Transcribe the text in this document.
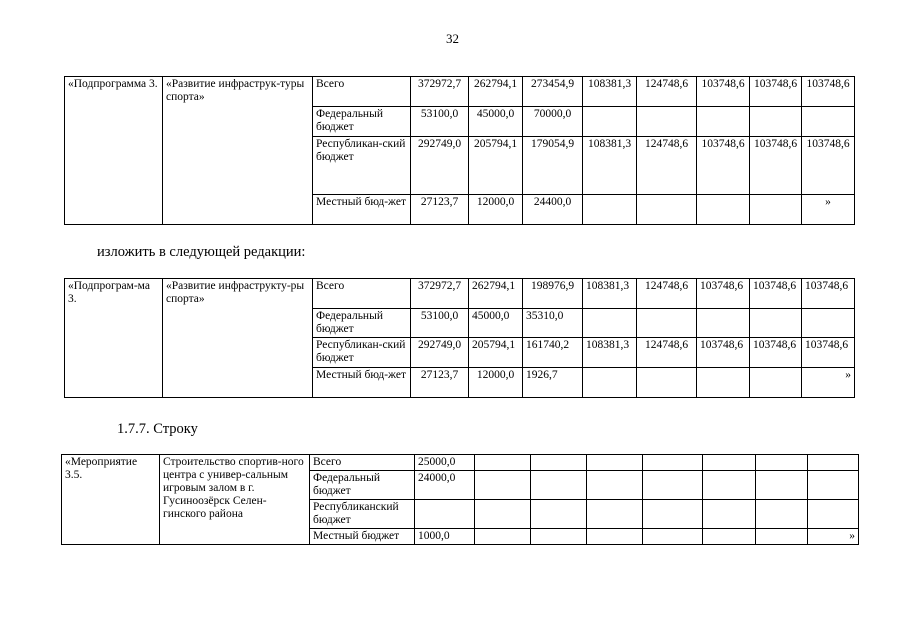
32
«Подпрограмма 3.	«Развитие инфраструк-туры спорта»	Всего	372972,7	262794,1	273454,9	108381,3	124748,6	103748,6	103748,6	103748,6
		Федеральный бюджет	53100,0	45000,0	70000,0					
		Республикан-ский бюджет	292749,0	205794,1	179054,9	108381,3	124748,6	103748,6	103748,6	103748,6
		Местный бюд-жет	27123,7	12000,0	24400,0					»
изложить в следующей редакции:
«Подпрограм-ма 3.	«Развитие инфраструкту-ры спорта»	Всего	372972,7	262794,1	198976,9	108381,3	124748,6	103748,6	103748,6	103748,6
		Федеральный бюджет	53100,0	45000,0	35310,0					
		Республикан-ский бюджет	292749,0	205794,1	161740,2	108381,3	124748,6	103748,6	103748,6	103748,6
		Местный бюд-жет	27123,7	12000,0	1926,7					»
1.7.7. Строку
«Мероприятие 3.5.	Строительство спортив-ного центра с универ-сальным игровым залом в г. Гусиноозёрск Селен-гинского района	Всего	25000,0							
		Федеральный бюджет	24000,0							
		Республиканский бюджет								
		Местный бюджет	1000,0							»
